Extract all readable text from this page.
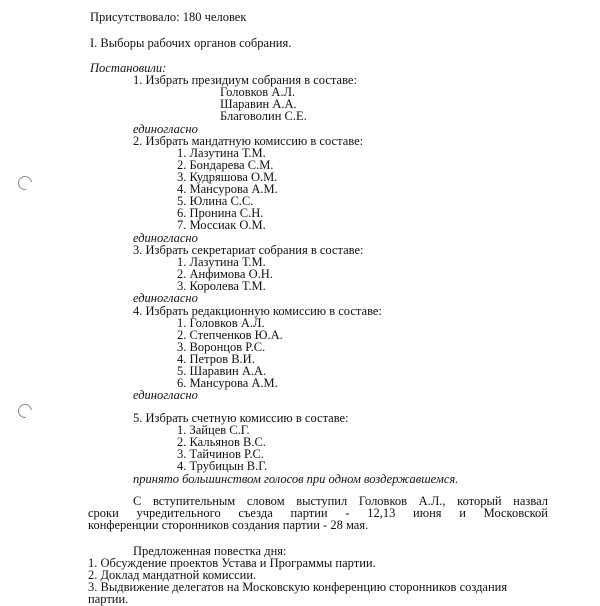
Присутствовало: 180 человек
I. Выборы рабочих органов собрания.
Постановили:
1. Избрать президиум собрания в составе:
Головков А.Л.
Шаравин А.А.
Благоволин С.Е.
единогласно
2. Избрать мандатную комиссию в составе:
1. Лазутина Т.М.
2. Бондарева С.М.
3. Кудряшова О.М.
4. Мансурова А.М.
5. Юлина С.С.
6. Пронина С.Н.
7. Моссиак О.М.
единогласно
3. Избрать секретариат собрания в составе:
1. Лазутина Т.М.
2. Анфимова О.Н.
3. Королева Т.М.
единогласно
4. Избрать редакционную комиссию в составе:
1. Головков А.Л.
2. Степченков Ю.А.
3. Воронцов Р.С.
4. Петров В.И.
5. Шаравин А.А.
6. Мансурова А.М.
единогласно
5. Избрать счетную комиссию в составе:
1. Зайцев С.Г.
2. Кальянов В.С.
3. Тайчинов Р.С.
4. Трубицын В.Г.
принято большинством голосов при одном воздержавшемся.
С вступительным словом выступил Головков А.Л., который назвал
сроки учредительного съезда партии - 12,13 июня и Московской
конференции сторонников создания партии - 28 мая.
Предложенная повестка дня:
1. Обсуждение проектов Устава и Программы партии.
2. Доклад мандатной комиссии.
3. Выдвижение делегатов на Московскую конференцию сторонников создания
партии.
